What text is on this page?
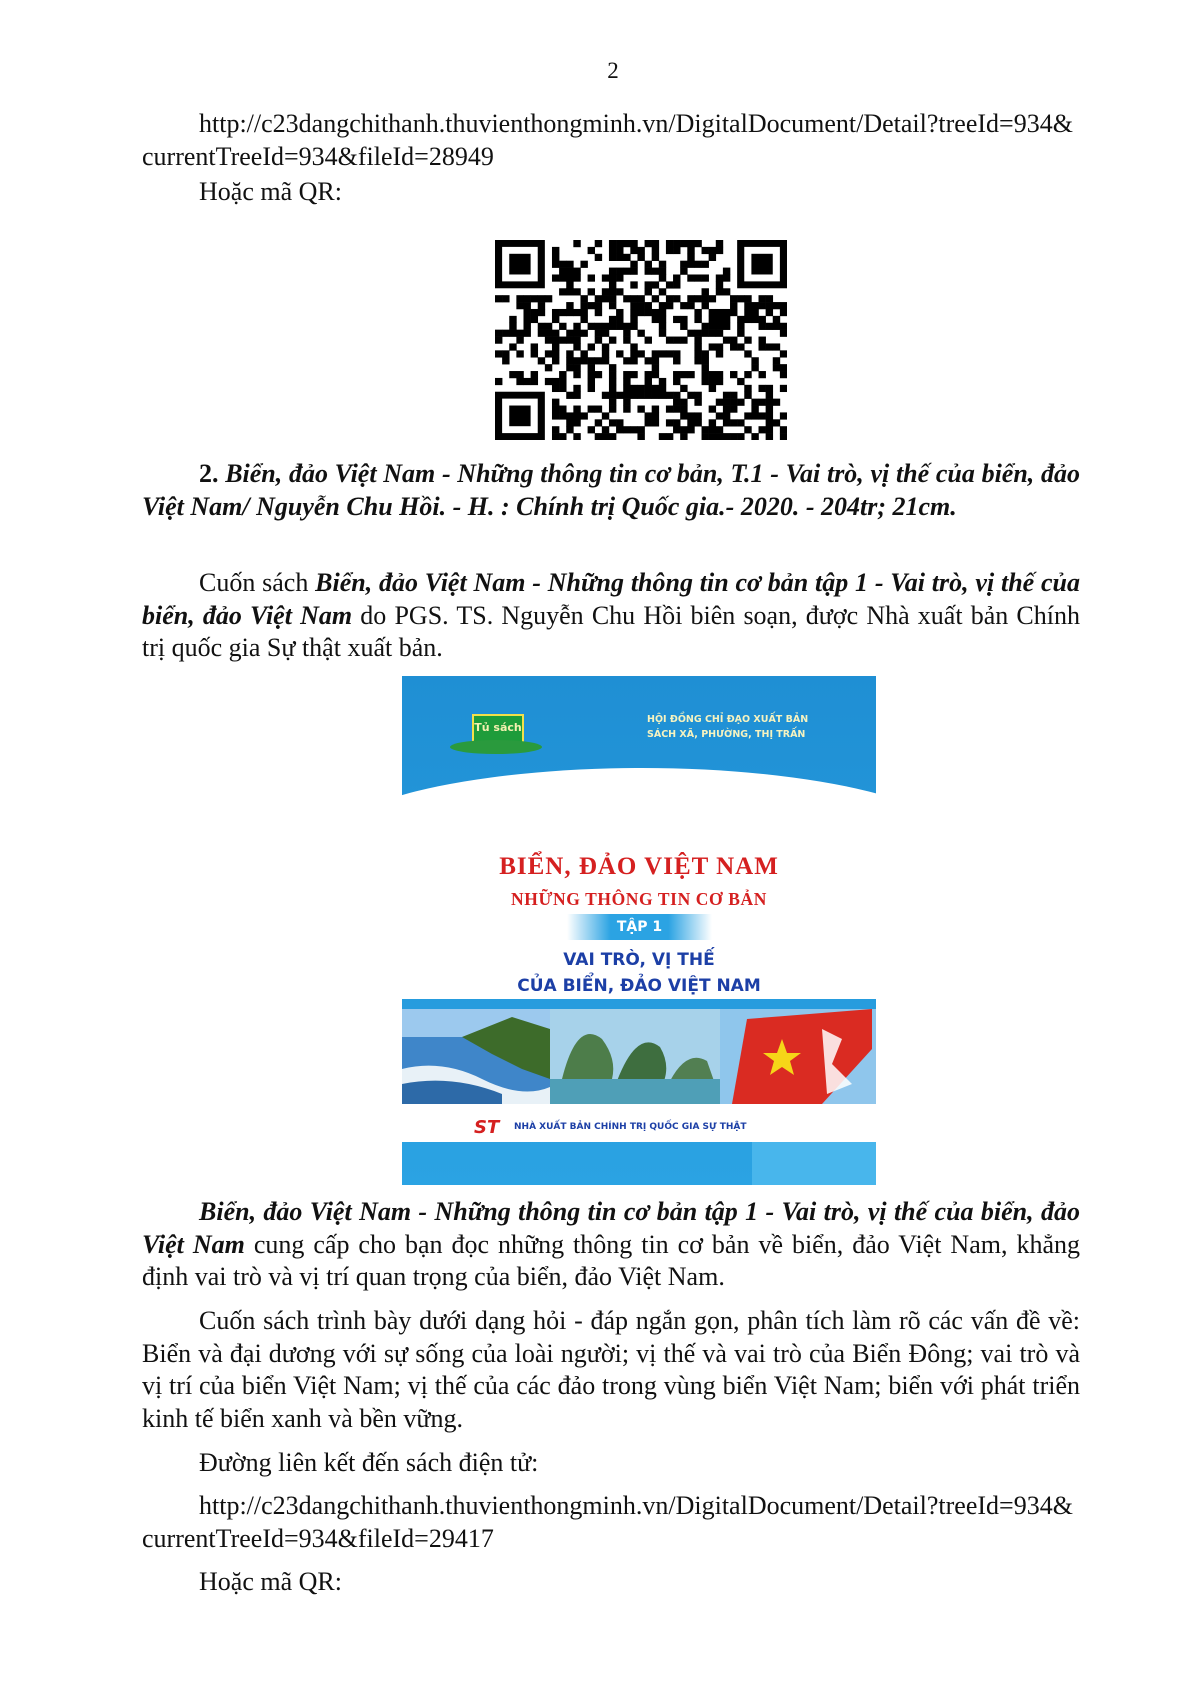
2

http://c23dangchithanh.thuvienthongminh.vn/DigitalDocument/Detail?treeId=934&currentTreeId=934&fileId=28949

Hoặc mã QR:

2. Biển, đảo Việt Nam - Những thông tin cơ bản, T.1 - Vai trò, vị thế của biển, đảo Việt Nam/ Nguyễn Chu Hồi. - H. : Chính trị Quốc gia.- 2020. - 204tr; 21cm.

Cuốn sách Biển, đảo Việt Nam - Những thông tin cơ bản tập 1 - Vai trò, vị thế của biển, đảo Việt Nam do PGS. TS. Nguyễn Chu Hồi biên soạn, được Nhà xuất bản Chính trị quốc gia Sự thật xuất bản.

Tủ sách
HỘI ĐỒNG CHỈ ĐẠO XUẤT BẢN
SÁCH XÃ, PHƯỜNG, THỊ TRẤN
BIỂN, ĐẢO VIỆT NAM
NHỮNG THÔNG TIN CƠ BẢN
TẬP 1
VAI TRÒ, VỊ THẾ
CỦA BIỂN, ĐẢO VIỆT NAM
ST	NHÀ XUẤT BẢN CHÍNH TRỊ QUỐC GIA SỰ THẬT

Biển, đảo Việt Nam - Những thông tin cơ bản tập 1 - Vai trò, vị thế của biển, đảo Việt Nam cung cấp cho bạn đọc những thông tin cơ bản về biển, đảo Việt Nam, khẳng định vai trò và vị trí quan trọng của biển, đảo Việt Nam.

Cuốn sách trình bày dưới dạng hỏi - đáp ngắn gọn, phân tích làm rõ các vấn đề về: Biển và đại dương với sự sống của loài người; vị thế và vai trò của Biển Đông; vai trò và vị trí của biển Việt Nam; vị thế của các đảo trong vùng biển Việt Nam; biển với phát triển kinh tế biển xanh và bền vững.

Đường liên kết đến sách điện tử:

http://c23dangchithanh.thuvienthongminh.vn/DigitalDocument/Detail?treeId=934&currentTreeId=934&fileId=29417

Hoặc mã QR:
